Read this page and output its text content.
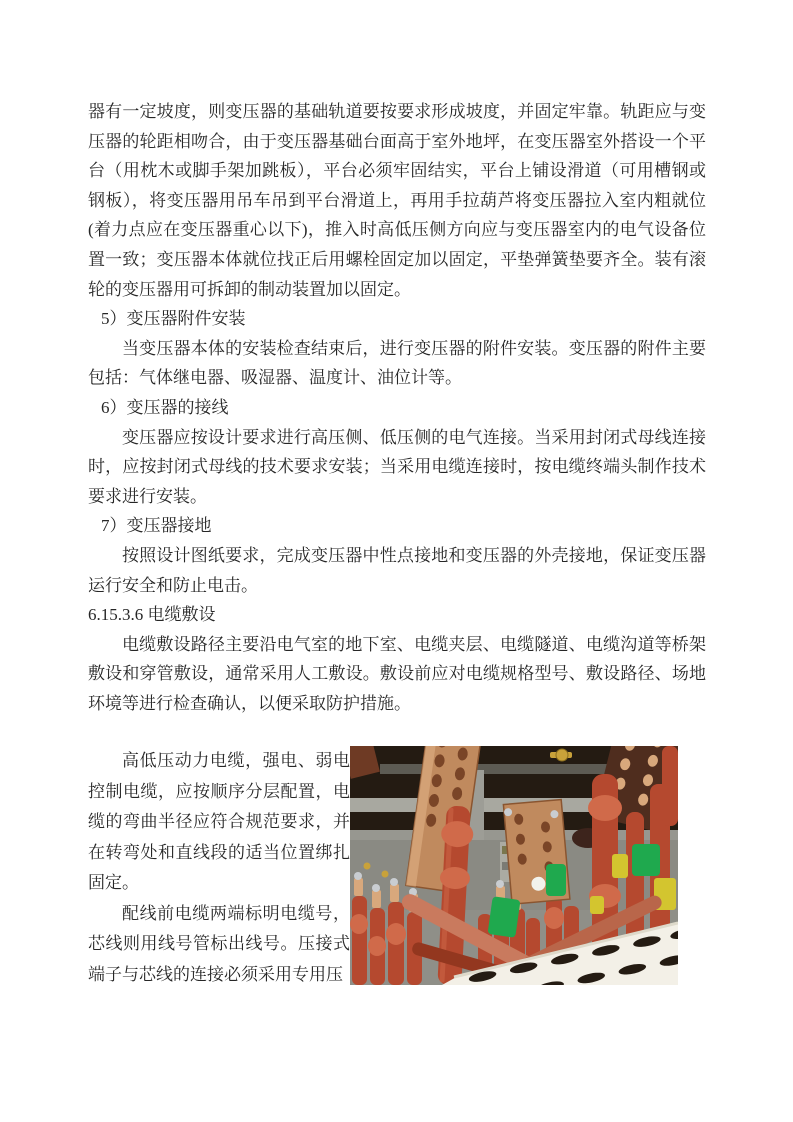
器有一定坡度，则变压器的基础轨道要按要求形成坡度，并固定牢靠。轨距应与变压器的轮距相吻合，由于变压器基础台面高于室外地坪，在变压器室外搭设一个平台（用枕木或脚手架加跳板），平台必须牢固结实，平台上铺设滑道（可用槽钢或钢板），将变压器用吊车吊到平台滑道上，再用手拉葫芦将变压器拉入室内粗就位(着力点应在变压器重心以下)，推入时高低压侧方向应与变压器室内的电气设备位置一致；变压器本体就位找正后用螺栓固定加以固定，平垫弹簧垫要齐全。装有滚轮的变压器用可拆卸的制动装置加以固定。

5）变压器附件安装

当变压器本体的安装检查结束后，进行变压器的附件安装。变压器的附件主要包括：气体继电器、吸湿器、温度计、油位计等。

6）变压器的接线

变压器应按设计要求进行高压侧、低压侧的电气连接。当采用封闭式母线连接时，应按封闭式母线的技术要求安装；当采用电缆连接时，按电缆终端头制作技术要求进行安装。

7）变压器接地

按照设计图纸要求，完成变压器中性点接地和变压器的外壳接地，保证变压器运行安全和防止电击。

6.15.3.6 电缆敷设

电缆敷设路径主要沿电气室的地下室、电缆夹层、电缆隧道、电缆沟道等桥架敷设和穿管敷设，通常采用人工敷设。敷设前应对电缆规格型号、敷设路径、场地环境等进行检查确认，以便采取防护措施。

高低压动力电缆，强电、弱电控制电缆，应按顺序分层配置，电缆的弯曲半径应符合规范要求，并在转弯处和直线段的适当位置绑扎固定。

配线前电缆两端标明电缆号，芯线则用线号管标出线号。压接式端子与芯线的连接必须采用专用压
